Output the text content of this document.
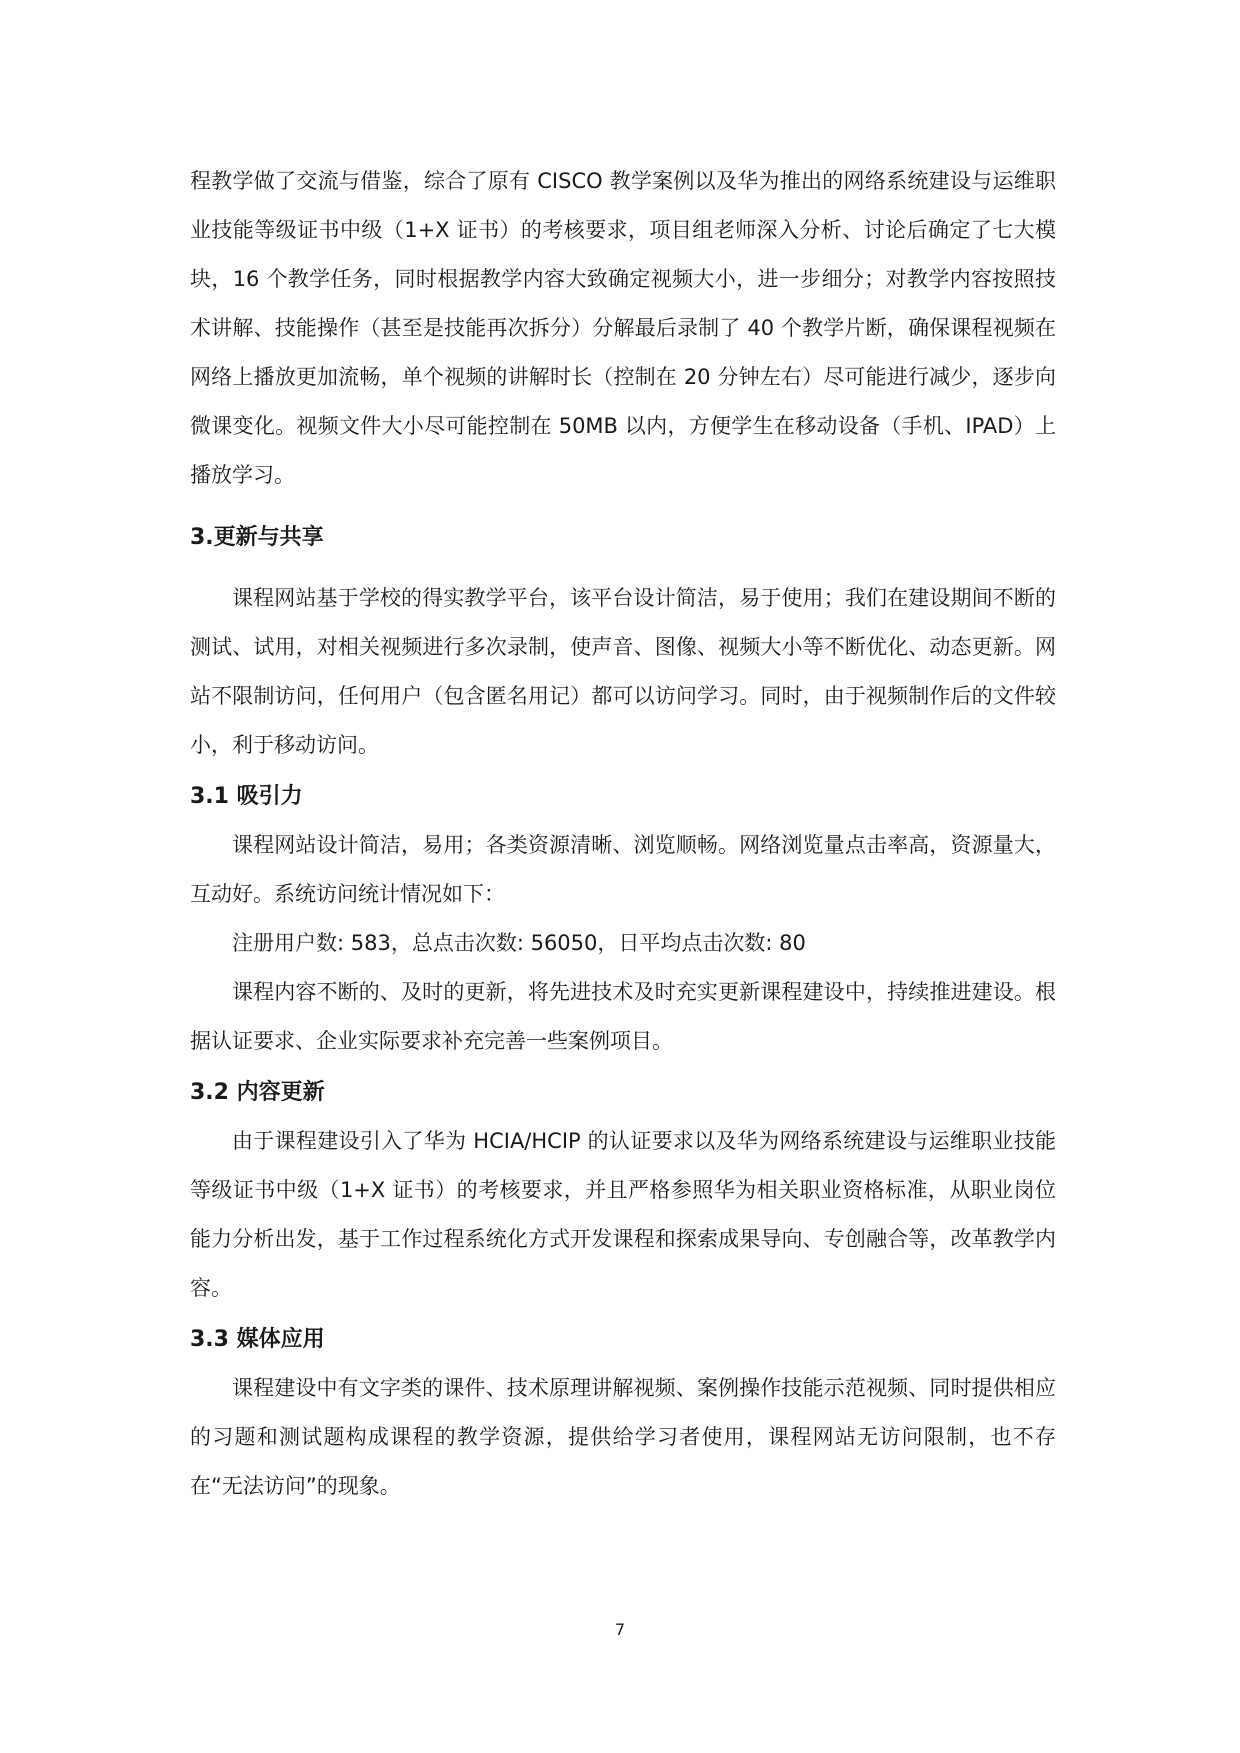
程教学做了交流与借鉴，综合了原有 CISCO 教学案例以及华为推出的网络系统建设与运维职业技能等级证书中级（1+X 证书）的考核要求，项目组老师深入分析、讨论后确定了七大模块，16 个教学任务，同时根据教学内容大致确定视频大小，进一步细分；对教学内容按照技术讲解、技能操作（甚至是技能再次拆分）分解最后录制了 40 个教学片断，确保课程视频在网络上播放更加流畅，单个视频的讲解时长（控制在 20 分钟左右）尽可能进行减少，逐步向微课变化。视频文件大小尽可能控制在 50MB 以内，方便学生在移动设备（手机、IPAD）上播放学习。

3.更新与共享

课程网站基于学校的得实教学平台，该平台设计简洁，易于使用；我们在建设期间不断的测试、试用，对相关视频进行多次录制，使声音、图像、视频大小等不断优化、动态更新。网站不限制访问，任何用户（包含匿名用记）都可以访问学习。同时，由于视频制作后的文件较小，利于移动访问。

3.1 吸引力

课程网站设计简洁，易用；各类资源清晰、浏览顺畅。网络浏览量点击率高，资源量大，互动好。系统访问统计情况如下：

注册用户数: 583，总点击次数: 56050，日平均点击次数: 80

课程内容不断的、及时的更新，将先进技术及时充实更新课程建设中，持续推进建设。根据认证要求、企业实际要求补充完善一些案例项目。

3.2 内容更新

由于课程建设引入了华为 HCIA/HCIP 的认证要求以及华为网络系统建设与运维职业技能等级证书中级（1+X 证书）的考核要求，并且严格参照华为相关职业资格标准，从职业岗位能力分析出发，基于工作过程系统化方式开发课程和探索成果导向、专创融合等，改革教学内容。

3.3 媒体应用

课程建设中有文字类的课件、技术原理讲解视频、案例操作技能示范视频、同时提供相应的习题和测试题构成课程的教学资源，提供给学习者使用，课程网站无访问限制，也不存在“无法访问”的现象。

7
